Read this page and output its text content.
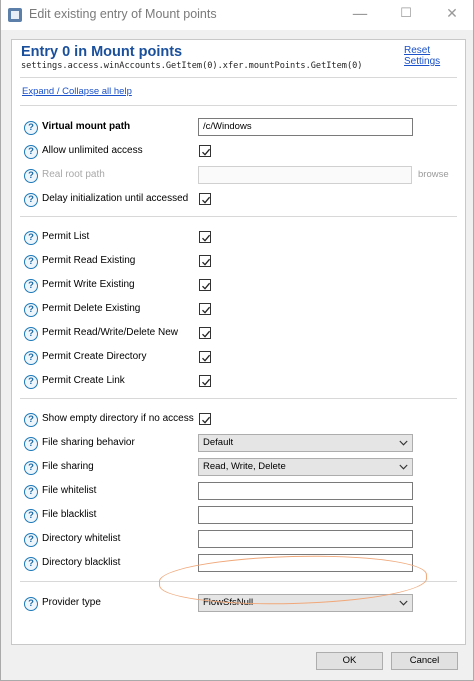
Edit existing entry of Mount points	—	☐	✕
Entry 0 in Mount points	Reset Settings
settings.access.winAccounts.GetItem(0).xfer.mountPoints.GetItem(0)
Expand / Collapse all help
? Virtual mount path	/c/Windows
? Allow unlimited access
? Real root path	browse
? Delay initialization until accessed
? Permit List
? Permit Read Existing
? Permit Write Existing
? Permit Delete Existing
? Permit Read/Write/Delete New
? Permit Create Directory
? Permit Create Link
? Show empty directory if no access
? File sharing behavior	Default
? File sharing	Read, Write, Delete
? File whitelist
? File blacklist
? Directory whitelist
? Directory blacklist
? Provider type	FlowSfsNull
OK	Cancel
